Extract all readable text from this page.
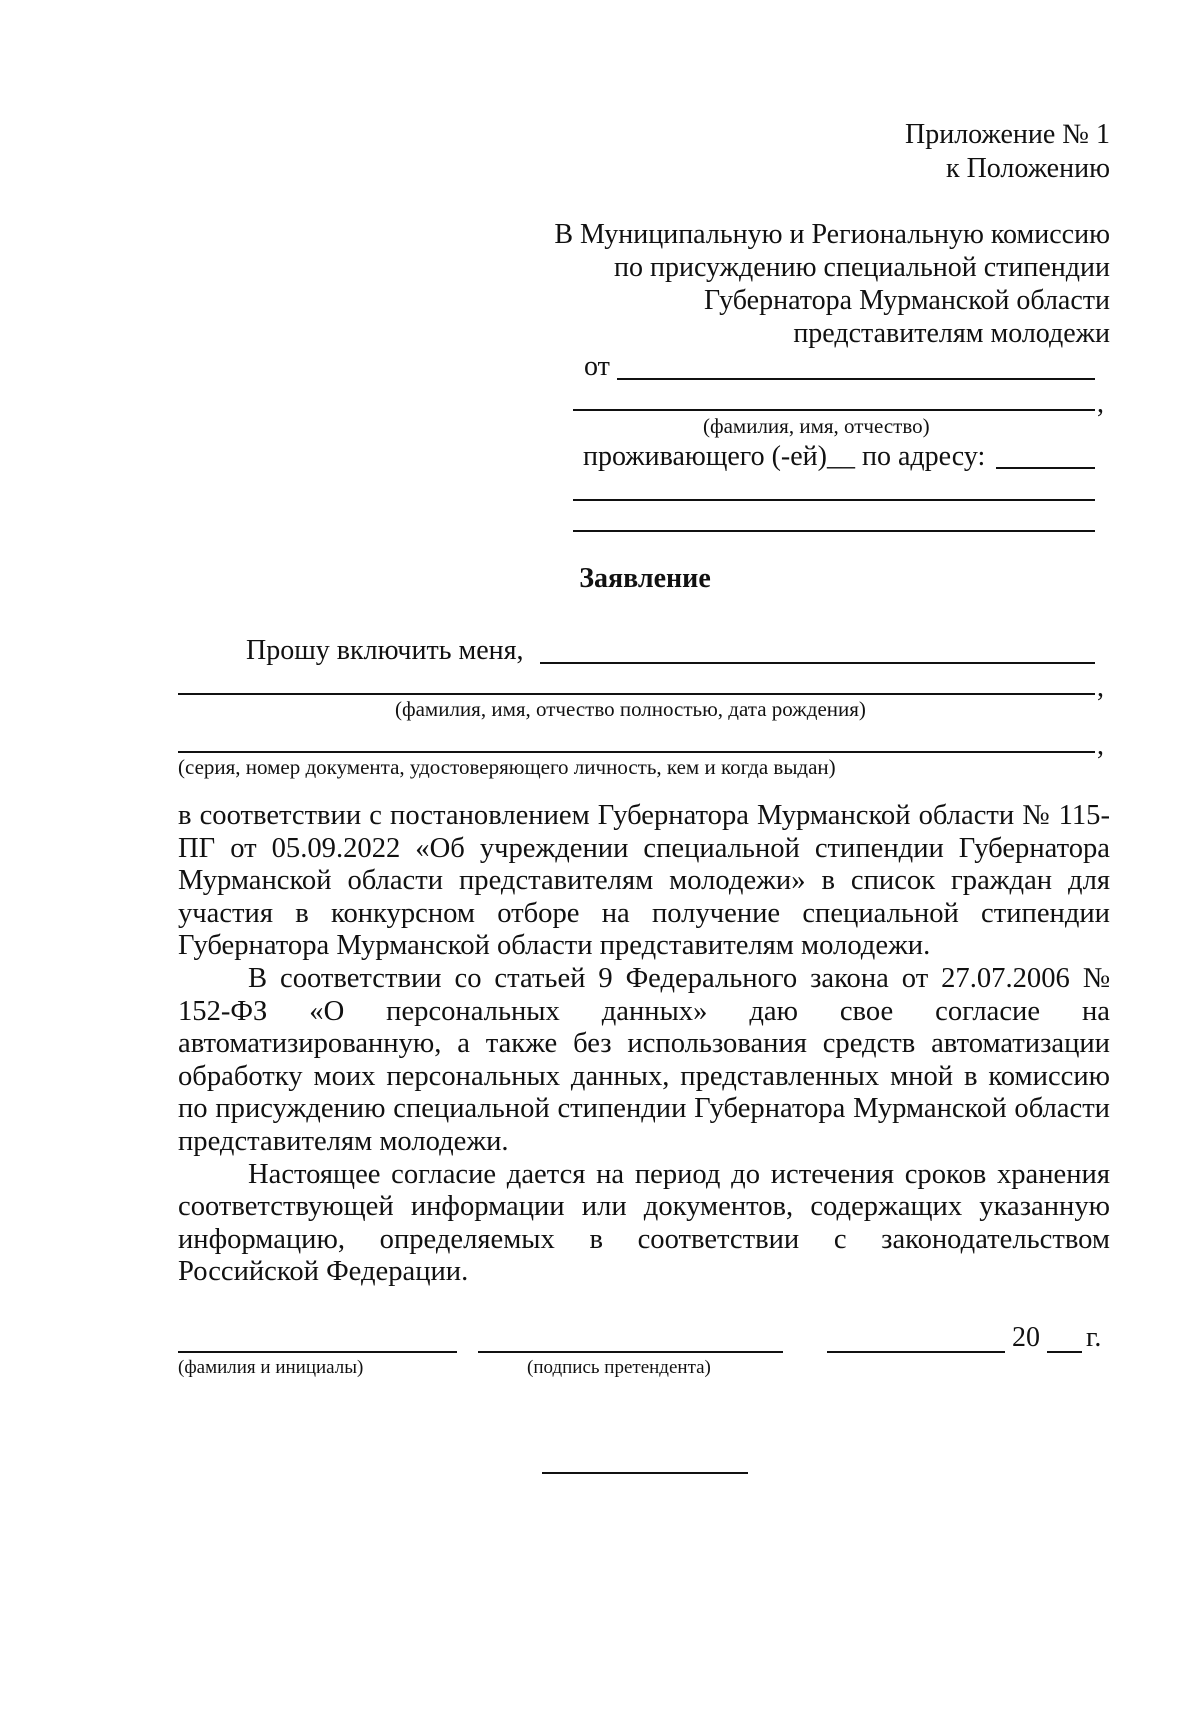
Приложение № 1
к Положению
В Муниципальную и Региональную комиссию
по присуждению специальной стипендии
Губернатора Мурманской области
представителям молодежи
от
,
(фамилия, имя, отчество)
проживающего (-ей)__ по адресу:
Заявление
Прошу включить меня,
,
(фамилия, имя, отчество полностью, дата рождения)
,
(серия, номер документа, удостоверяющего личность, кем и когда выдан)

в соответствии с постановлением Губернатора Мурманской области № 115-ПГ от 05.09.2022 «Об учреждении специальной стипендии Губернатора Мурманской области представителям молодежи» в список граждан для участия в конкурсном отборе на получение специальной стипендии Губернатора Мурманской области представителям молодежи.

В соответствии со статьей 9 Федерального закона от 27.07.2006 № 152-ФЗ «О персональных данных» даю свое согласие на автоматизированную, а также без использования средств автоматизации обработку моих персональных данных, представленных мной в комиссию по присуждению специальной стипендии Губернатора Мурманской области представителям молодежи.

Настоящее согласие дается на период до истечения сроков хранения соответствующей информации или документов, содержащих указанную информацию, определяемых в соответствии с законодательством Российской Федерации.

20 г.
(фамилия и инициалы)	(подпись претендента)
